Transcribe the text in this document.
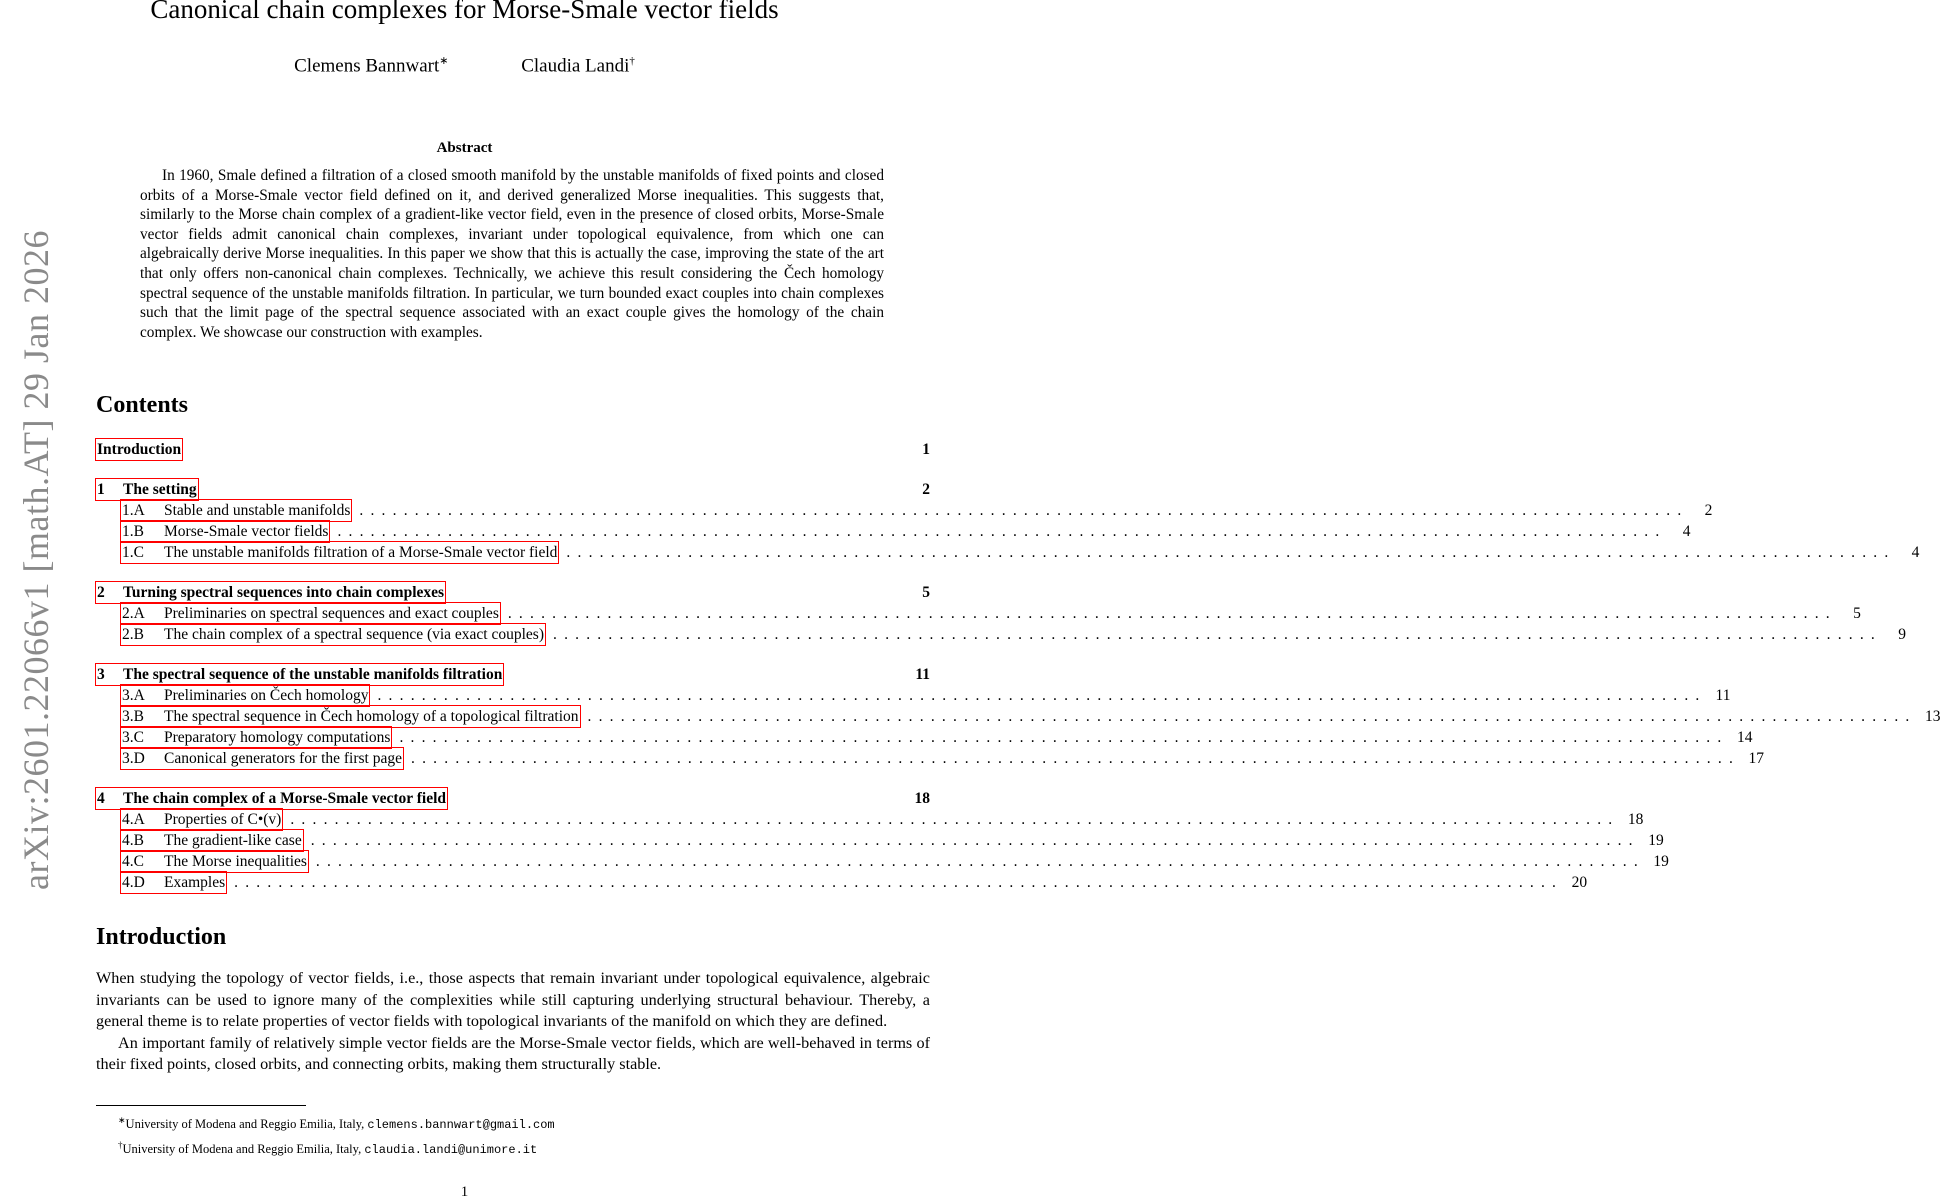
arXiv:2601.22066v1 [math.AT] 29 Jan 2026
Canonical chain complexes for Morse-Smale vector fields
Clemens Bannwart∗	Claudia Landi†
Abstract
In 1960, Smale defined a filtration of a closed smooth manifold by the unstable manifolds of fixed points and closed orbits of a Morse-Smale vector field defined on it, and derived generalized Morse inequalities. This suggests that, similarly to the Morse chain complex of a gradient-like vector field, even in the presence of closed orbits, Morse-Smale vector fields admit canonical chain complexes, invariant under topological equivalence, from which one can algebraically derive Morse inequalities. In this paper we show that this is actually the case, improving the state of the art that only offers non-canonical chain complexes. Technically, we achieve this result considering the Čech homology spectral sequence of the unstable manifolds filtration. In particular, we turn bounded exact couples into chain complexes such that the limit page of the spectral sequence associated with an exact couple gives the homology of the chain complex. We showcase our construction with examples.
Contents
Introduction	1
1 The setting	2
1.A Stable and unstable manifolds ........................................................................................................................	2
1.B Morse-Smale vector fields ........................................................................................................................	4
1.C The unstable manifolds filtration of a Morse-Smale vector field ........................................................................................................................	4
2 Turning spectral sequences into chain complexes	5
2.A Preliminaries on spectral sequences and exact couples ........................................................................................................................	5
2.B The chain complex of a spectral sequence (via exact couples) ........................................................................................................................	9
3 The spectral sequence of the unstable manifolds filtration	11
3.A Preliminaries on Čech homology ........................................................................................................................ 11
3.B The spectral sequence in Čech homology of a topological filtration ........................................................................................................................ 13
3.C Preparatory homology computations ........................................................................................................................ 14
3.D Canonical generators for the first page ........................................................................................................................ 17
4 The chain complex of a Morse-Smale vector field	18
4.A Properties of C•(v) ........................................................................................................................ 18
4.B The gradient-like case ........................................................................................................................ 19
4.C The Morse inequalities ........................................................................................................................ 19
4.D Examples ........................................................................................................................ 20
Introduction

When studying the topology of vector fields, i.e., those aspects that remain invariant under topological equivalence, algebraic invariants can be used to ignore many of the complexities while still capturing underlying structural behaviour. Thereby, a general theme is to relate properties of vector fields with topological invariants of the manifold on which they are defined.

An important family of relatively simple vector fields are the Morse-Smale vector fields, which are well-behaved in terms of their fixed points, closed orbits, and connecting orbits, making them structurally stable.

∗University of Modena and Reggio Emilia, Italy, clemens.bannwart@gmail.com
†University of Modena and Reggio Emilia, Italy, claudia.landi@unimore.it
1
